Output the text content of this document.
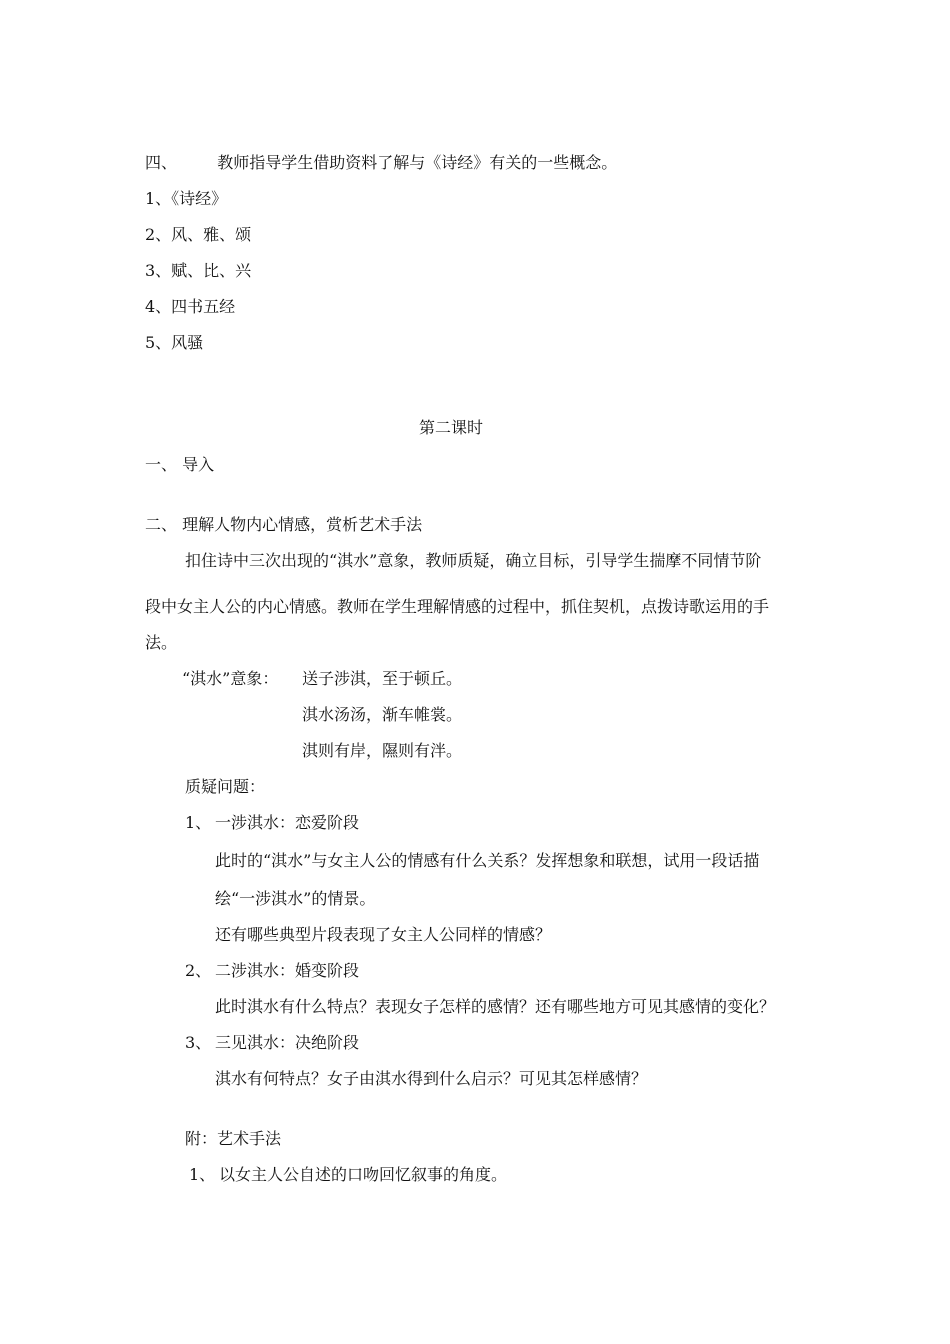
四、	教师指导学生借助资料了解与《诗经》有关的一些概念。
1、《诗经》
2、风、雅、颂
3、赋、比、兴
4、四书五经
5、风骚
第二课时
一、 导入
二、 理解人物内心情感，赏析艺术手法
扣住诗中三次出现的“淇水”意象，教师质疑，确立目标，引导学生揣摩不同情节阶
段中女主人公的内心情感。教师在学生理解情感的过程中，抓住契机，点拨诗歌运用的手
法。
“淇水”意象： 送子涉淇，至于顿丘。
淇水汤汤，渐车帷裳。
淇则有岸，隰则有泮。
质疑问题：
1、 一涉淇水：恋爱阶段
此时的“淇水”与女主人公的情感有什么关系？发挥想象和联想，试用一段话描
绘“一涉淇水”的情景。
还有哪些典型片段表现了女主人公同样的情感？
2、 二涉淇水：婚变阶段
此时淇水有什么特点？表现女子怎样的感情？还有哪些地方可见其感情的变化？
3、 三见淇水：决绝阶段
淇水有何特点？女子由淇水得到什么启示？可见其怎样感情？
附：艺术手法
1、 以女主人公自述的口吻回忆叙事的角度。
